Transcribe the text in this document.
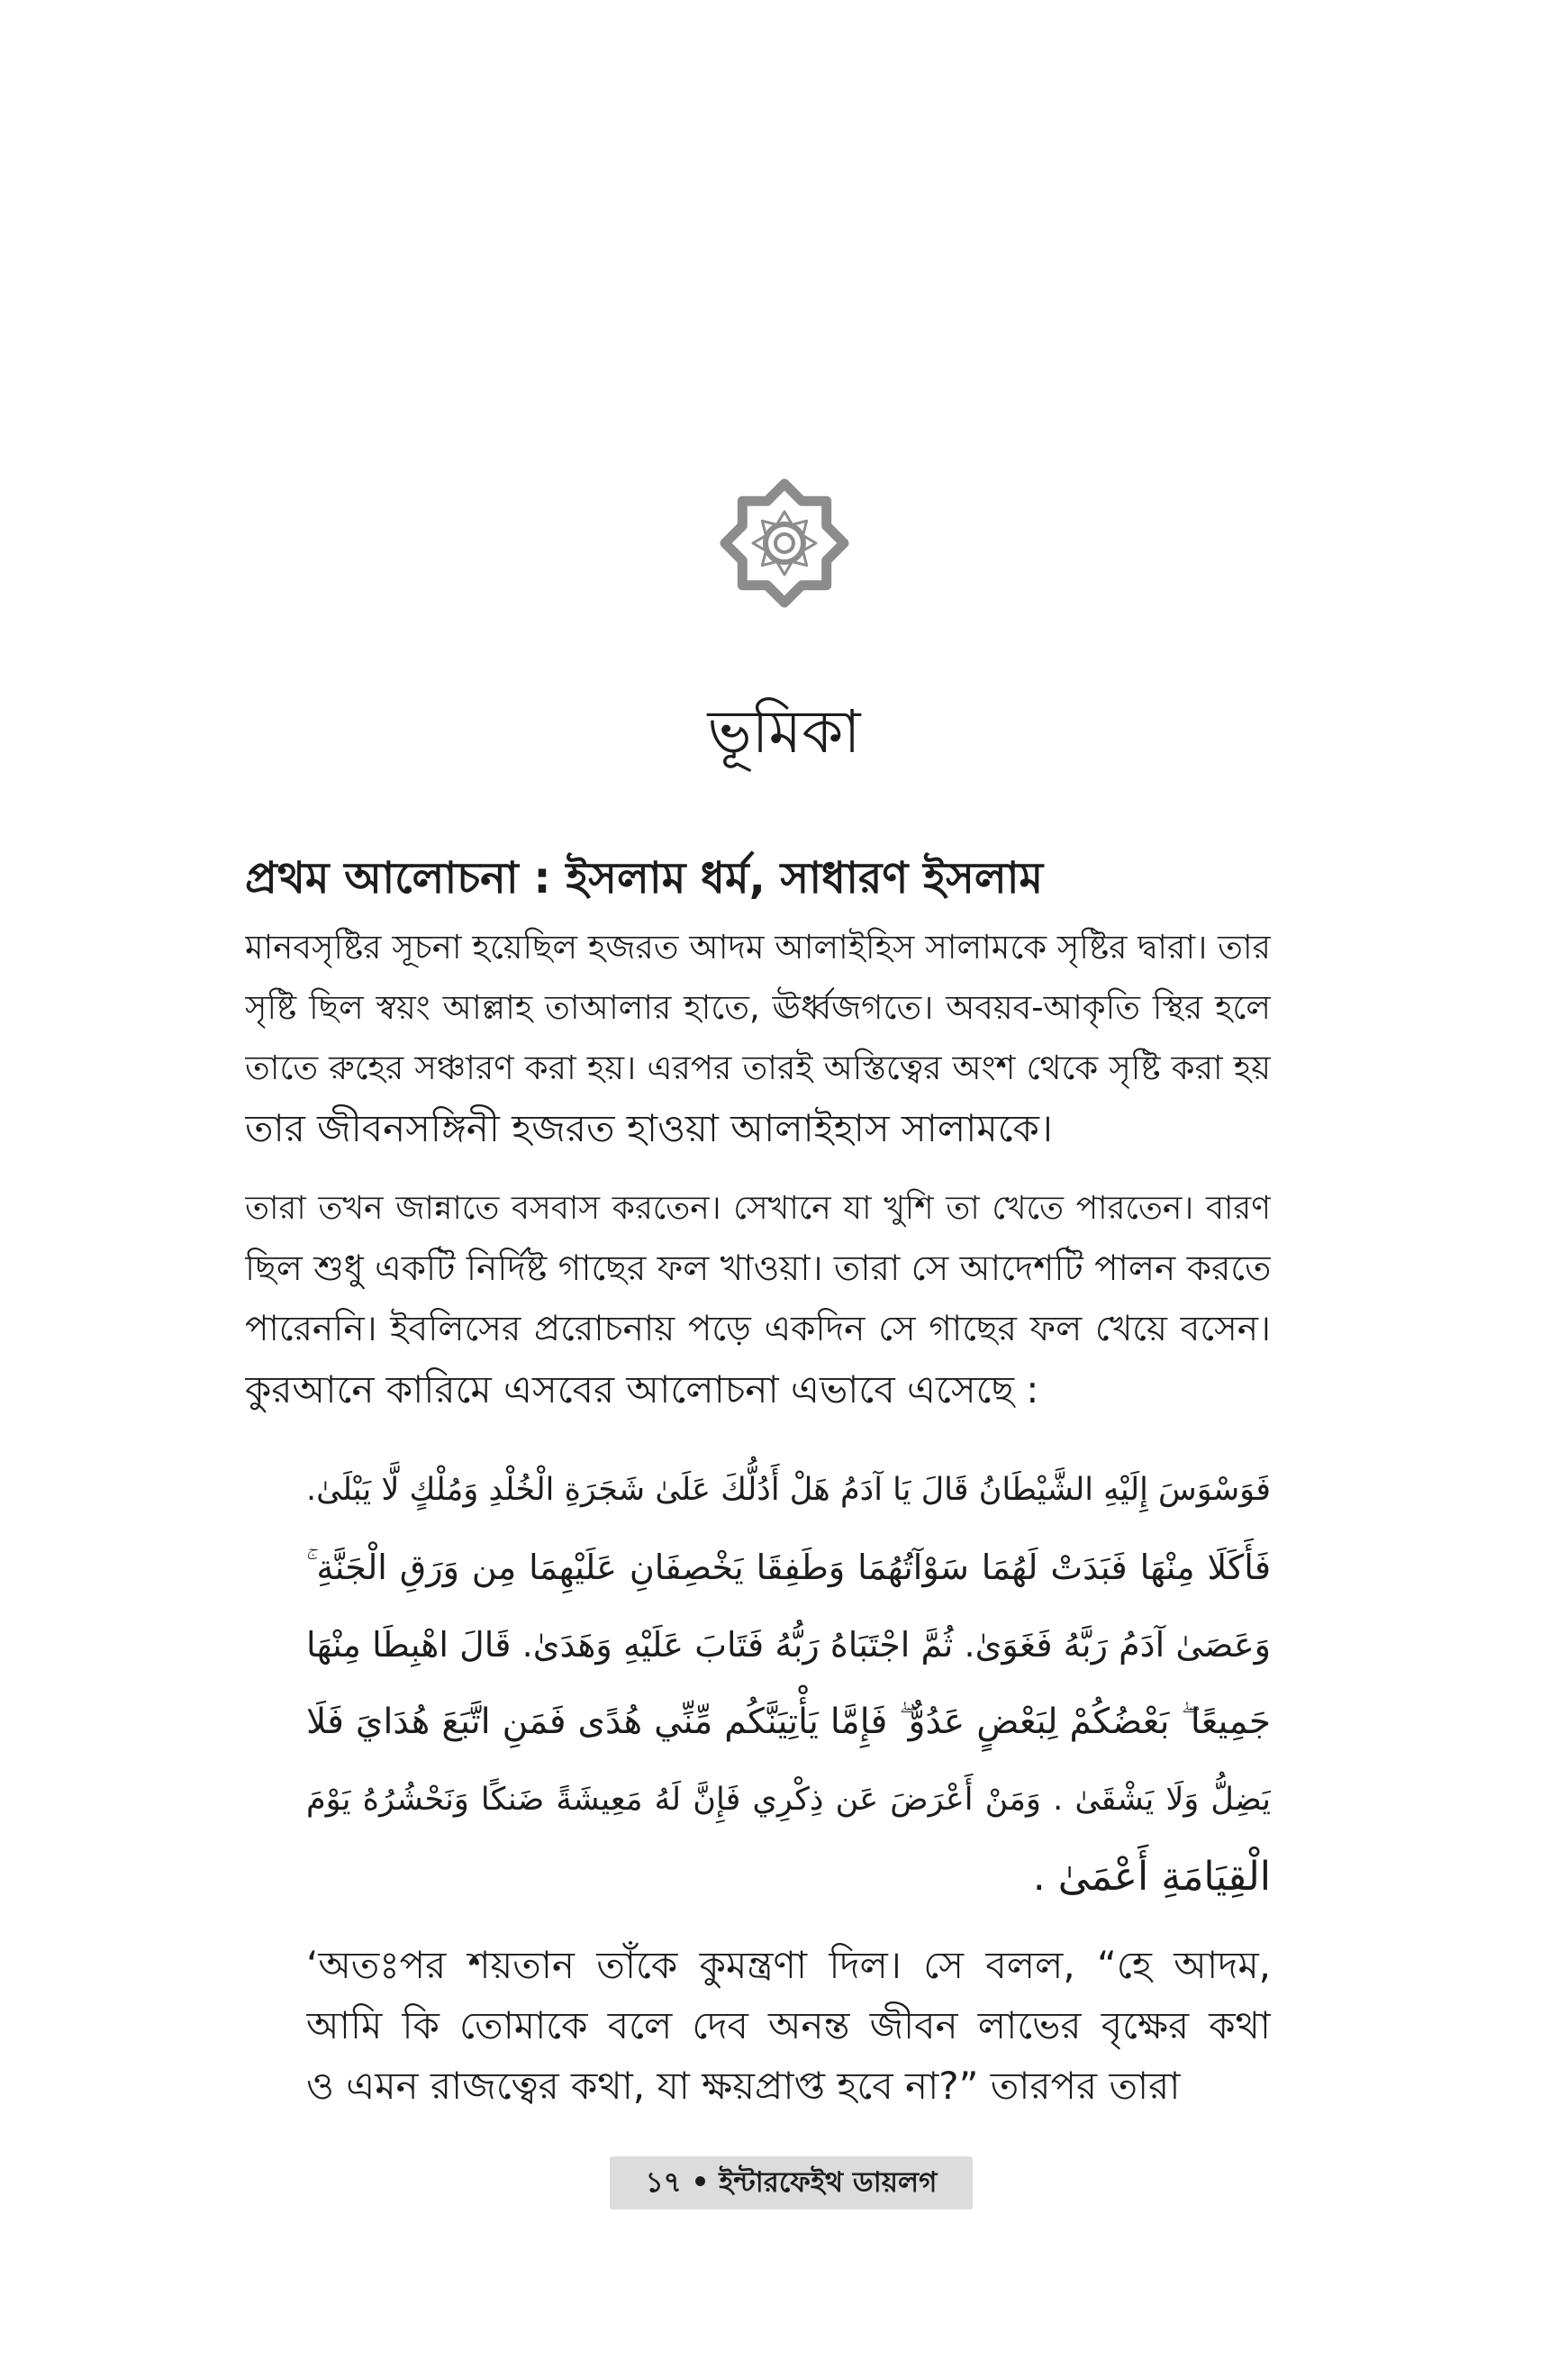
ভূমিকা
প্রথম আলোচনা : ইসলাম ধর্ম, সাধারণ ইসলাম
মানবসৃষ্টির সূচনা হয়েছিল হজরত আদম আলাইহিস সালামকে সৃষ্টির দ্বারা। তার
সৃষ্টি ছিল স্বয়ং আল্লাহ তাআলার হাতে, ঊর্ধ্বজগতে। অবয়ব-আকৃতি স্থির হলে
তাতে রুহের সঞ্চারণ করা হয়। এরপর তারই অস্তিত্বের অংশ থেকে সৃষ্টি করা হয়
তার জীবনসঙ্গিনী হজরত হাওয়া আলাইহাস সালামকে।
তারা তখন জান্নাতে বসবাস করতেন। সেখানে যা খুশি তা খেতে পারতেন। বারণ
ছিল শুধু একটি নির্দিষ্ট গাছের ফল খাওয়া। তারা সে আদেশটি পালন করতে
পারেননি। ইবলিসের প্ররোচনায় পড়ে একদিন সে গাছের ফল খেয়ে বসেন।
কুরআনে কারিমে এসবের আলোচনা এভাবে এসেছে :
فَوَسْوَسَ إِلَيْهِ الشَّيْطَانُ قَالَ يَا آدَمُ هَلْ أَدُلُّكَ عَلَىٰ شَجَرَةِ الْخُلْدِ وَمُلْكٍ لَّا يَبْلَىٰ.
فَأَكَلَا مِنْهَا فَبَدَتْ لَهُمَا سَوْآتُهُمَا وَطَفِقَا يَخْصِفَانِ عَلَيْهِمَا مِن وَرَقِ الْجَنَّةِ ۚ
وَعَصَىٰ آدَمُ رَبَّهُ فَغَوَىٰ. ثُمَّ اجْتَبَاهُ رَبُّهُ فَتَابَ عَلَيْهِ وَهَدَىٰ. قَالَ اهْبِطَا مِنْهَا
جَمِيعًا ۖ بَعْضُكُمْ لِبَعْضٍ عَدُوٌّ ۖ فَإِمَّا يَأْتِيَنَّكُم مِّنِّي هُدًى فَمَنِ اتَّبَعَ هُدَايَ فَلَا
يَضِلُّ وَلَا يَشْقَىٰ . وَمَنْ أَعْرَضَ عَن ذِكْرِي فَإِنَّ لَهُ مَعِيشَةً ضَنكًا وَنَحْشُرُهُ يَوْمَ
الْقِيَامَةِ أَعْمَىٰ .
‘অতঃপর শয়তান তাঁকে কুমন্ত্রণা দিল। সে বলল, “হে আদম,
আমি কি তোমাকে বলে দেব অনন্ত জীবন লাভের বৃক্ষের কথা
ও এমন রাজত্বের কথা, যা ক্ষয়প্রাপ্ত হবে না?” তারপর তারা
১৭ • ইন্টারফেইথ ডায়লগ
